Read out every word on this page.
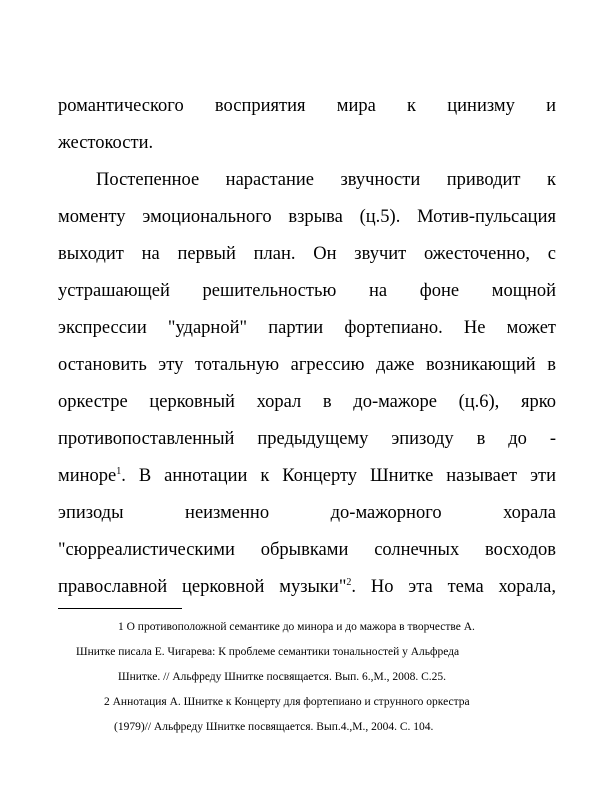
романтического восприятия мира к цинизму и
жестокости.
Постепенное нарастание звучности приводит к
моменту эмоционального взрыва (ц.5). Мотив-пульсация
выходит на первый план. Он звучит ожесточенно, с
устрашающей решительностью на фоне мощной
экспрессии "ударной" партии фортепиано. Не может
остановить эту тотальную агрессию даже возникающий в
оркестре церковный хорал в до-мажоре (ц.6), ярко
противопоставленный предыдущему эпизоду в до -
миноре$^1$. В аннотации к Концерту Шнитке называет эти
эпизоды неизменно до-мажорного хорала
"сюрреалистическими обрывками солнечных восходов
православной церковной музыки"$^2$. Но эта тема хорала,
1 О противоположной семантике до минора и до мажора в творчестве А.
Шнитке писала Е. Чигарева: К проблеме семантики тональностей у Альфреда
Шнитке. // Альфреду Шнитке посвящается. Вып. 6.,М., 2008. С.25.
2 Аннотация А. Шнитке к Концерту для фортепиано и струнного оркестра
(1979)// Альфреду Шнитке посвящается. Вып.4.,М., 2004. С. 104.
